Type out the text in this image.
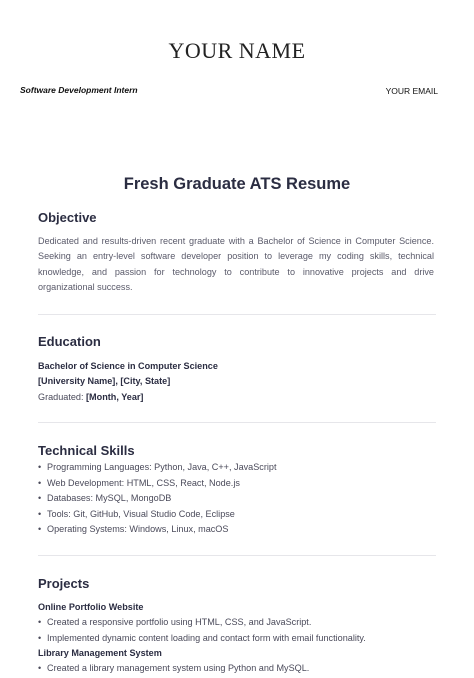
YOUR NAME
Software Development Intern	YOUR EMAIL
Fresh Graduate ATS Resume
Objective
Dedicated and results-driven recent graduate with a Bachelor of Science in Computer Science. Seeking an entry-level software developer position to leverage my coding skills, technical knowledge, and passion for technology to contribute to innovative projects and drive organizational success.
Education
Bachelor of Science in Computer Science
[University Name], [City, State]
Graduated: [Month, Year]
Technical Skills
• Programming Languages: Python, Java, C++, JavaScript
• Web Development: HTML, CSS, React, Node.js
• Databases: MySQL, MongoDB
• Tools: Git, GitHub, Visual Studio Code, Eclipse
• Operating Systems: Windows, Linux, macOS
Projects
Online Portfolio Website
• Created a responsive portfolio using HTML, CSS, and JavaScript.
• Implemented dynamic content loading and contact form with email functionality.
Library Management System
• Created a library management system using Python and MySQL.
